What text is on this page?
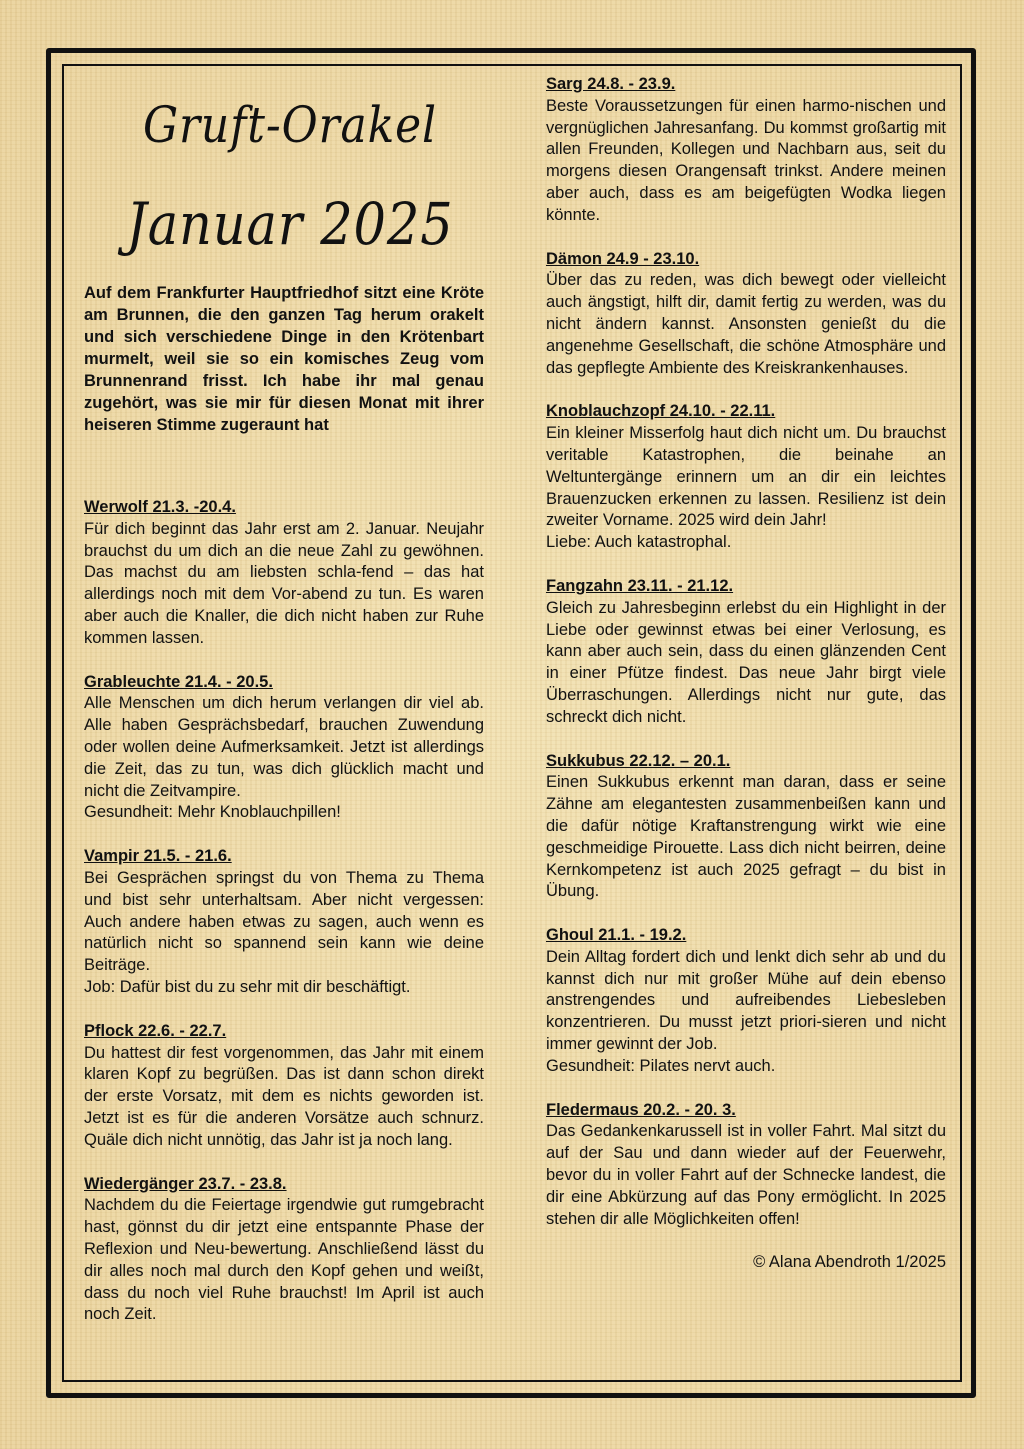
Gruft-Orakel
Januar 2025
Auf dem Frankfurter Hauptfriedhof sitzt eine Kröte am Brunnen, die den ganzen Tag herum orakelt und sich verschiedene Dinge in den Krötenbart murmelt, weil sie so ein komisches Zeug vom Brunnenrand frisst. Ich habe ihr mal genau zugehört, was sie mir für diesen Monat mit ihrer heiseren Stimme zugeraunt hat
Werwolf 21.3. -20.4.
Für dich beginnt das Jahr erst am 2. Januar. Neujahr brauchst du um dich an die neue Zahl zu gewöhnen. Das machst du am liebsten schla-fend – das hat allerdings noch mit dem Vor-abend zu tun. Es waren aber auch die Knaller, die dich nicht haben zur Ruhe kommen lassen.
Grableuchte 21.4. - 20.5.
Alle Menschen um dich herum verlangen dir viel ab. Alle haben Gesprächsbedarf, brauchen Zuwendung oder wollen deine Aufmerksamkeit. Jetzt ist allerdings die Zeit, das zu tun, was dich glücklich macht und nicht die Zeitvampire.
Gesundheit: Mehr Knoblauchpillen!
Vampir 21.5. - 21.6.
Bei Gesprächen springst du von Thema zu Thema und bist sehr unterhaltsam. Aber nicht vergessen: Auch andere haben etwas zu sagen, auch wenn es natürlich nicht so spannend sein kann wie deine Beiträge.
Job: Dafür bist du zu sehr mit dir beschäftigt.
Pflock 22.6. - 22.7.
Du hattest dir fest vorgenommen, das Jahr mit einem klaren Kopf zu begrüßen. Das ist dann schon direkt der erste Vorsatz, mit dem es nichts geworden ist. Jetzt ist es für die anderen Vorsätze auch schnurz. Quäle dich nicht unnötig, das Jahr ist ja noch lang.
Wiedergänger 23.7. - 23.8.
Nachdem du die Feiertage irgendwie gut rumgebracht hast, gönnst du dir jetzt eine entspannte Phase der Reflexion und Neu-bewertung. Anschließend lässt du dir alles noch mal durch den Kopf gehen und weißt, dass du noch viel Ruhe brauchst! Im April ist auch noch Zeit.
Sarg 24.8. - 23.9.
Beste Voraussetzungen für einen harmo-nischen und vergnüglichen Jahresanfang. Du kommst großartig mit allen Freunden, Kollegen und Nachbarn aus, seit du morgens diesen Orangensaft trinkst. Andere meinen aber auch, dass es am beigefügten Wodka liegen könnte.
Dämon 24.9 - 23.10.
Über das zu reden, was dich bewegt oder vielleicht auch ängstigt, hilft dir, damit fertig zu werden, was du nicht ändern kannst. Ansonsten genießt du die angenehme Gesellschaft, die schöne Atmosphäre und das gepflegte Ambiente des Kreiskrankenhauses.
Knoblauchzopf 24.10. - 22.11.
Ein kleiner Misserfolg haut dich nicht um. Du brauchst veritable Katastrophen, die beinahe an Weltuntergänge erinnern um an dir ein leichtes Brauenzucken erkennen zu lassen. Resilienz ist dein zweiter Vorname. 2025 wird dein Jahr!
Liebe: Auch katastrophal.
Fangzahn 23.11. - 21.12.
Gleich zu Jahresbeginn erlebst du ein Highlight in der Liebe oder gewinnst etwas bei einer Verlosung, es kann aber auch sein, dass du einen glänzenden Cent in einer Pfütze findest. Das neue Jahr birgt viele Überraschungen. Allerdings nicht nur gute, das schreckt dich nicht.
Sukkubus 22.12. – 20.1.
Einen Sukkubus erkennt man daran, dass er seine Zähne am elegantesten zusammenbeißen kann und die dafür nötige Kraftanstrengung wirkt wie eine geschmeidige Pirouette. Lass dich nicht beirren, deine Kernkompetenz ist auch 2025 gefragt – du bist in Übung.
Ghoul 21.1. - 19.2.
Dein Alltag fordert dich und lenkt dich sehr ab und du kannst dich nur mit großer Mühe auf dein ebenso anstrengendes und aufreibendes Liebesleben konzentrieren. Du musst jetzt priori-sieren und nicht immer gewinnt der Job.
Gesundheit: Pilates nervt auch.
Fledermaus 20.2. - 20. 3.
Das Gedankenkarussell ist in voller Fahrt. Mal sitzt du auf der Sau und dann wieder auf der Feuerwehr, bevor du in voller Fahrt auf der Schnecke landest, die dir eine Abkürzung auf das Pony ermöglicht. In 2025 stehen dir alle Möglichkeiten offen!
© Alana Abendroth 1/2025
